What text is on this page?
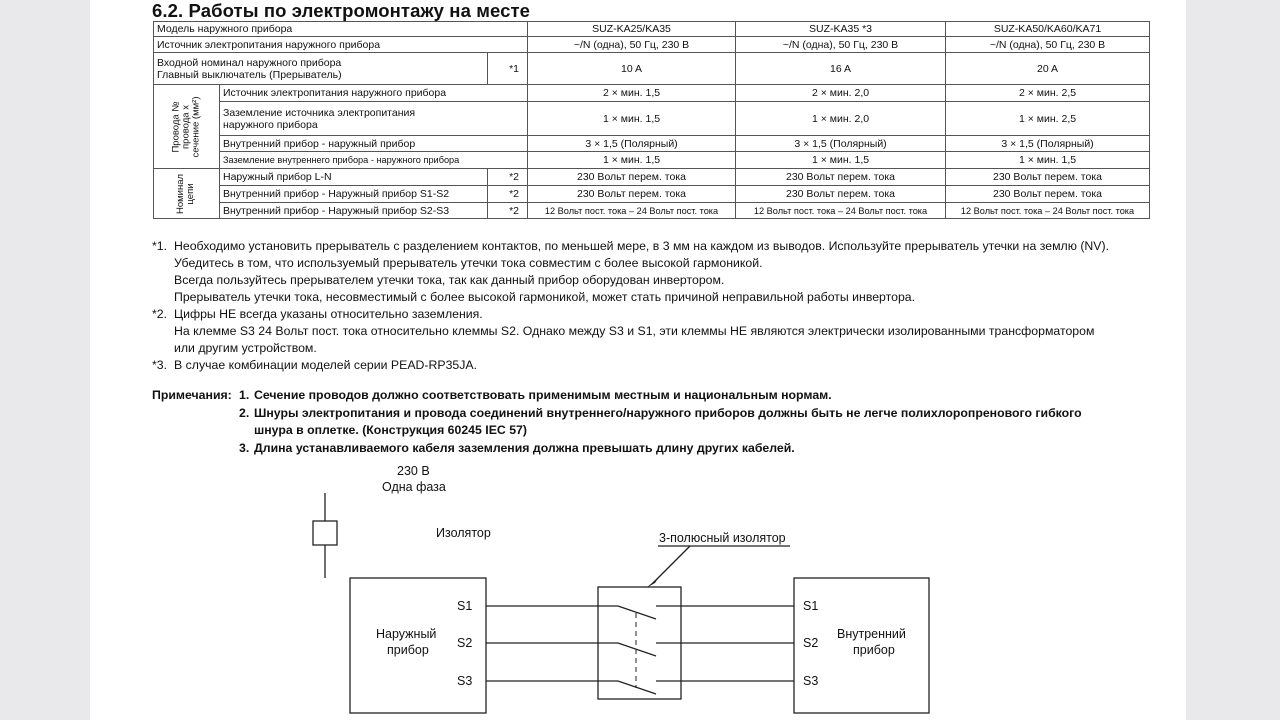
6.2. Работы по электромонтажу на месте
Модель наружного прибора			SUZ-KA25/KA35	SUZ-KA35 *3	SUZ-KA50/KA60/KA71
Источник электропитания наружного прибора			~/N (одна), 50 Гц, 230 В	~/N (одна), 50 Гц, 230 В	~/N (одна), 50 Гц, 230 В

Входной номинал наружного прибора
Главный выключатель (Прерыватель)		*1	10 A	16 A	20 A
Провода №
провода x
сечение (мм²)	Источник электропитания наружного прибора		2 × мин. 1,5	2 × мин. 2,0	2 × мин. 2,5

	Заземление источника электропитания
наружного прибора		1 × мин. 1,5	1 × мин. 2,0	1 × мин. 2,5
	Внутренний прибор - наружный прибор		3 × 1,5 (Полярный)	3 × 1,5 (Полярный)	3 × 1,5 (Полярный)
	Заземление внутреннего прибора - наружного прибора		1 × мин. 1,5	1 × мин. 1,5	1 × мин. 1,5
Номинал
цепи	Наружный прибор L-N	*2	230 Вольт перем. тока	230 Вольт перем. тока	230 Вольт перем. тока
	Внутренний прибор - Наружный прибор S1-S2	*2	230 Вольт перем. тока	230 Вольт перем. тока	230 Вольт перем. тока
	Внутренний прибор - Наружный прибор S2-S3	*2	12 Вольт пост. тока – 24 Вольт пост. тока	12 Вольт пост. тока – 24 Вольт пост. тока	12 Вольт пост. тока – 24 Вольт пост. тока
*1. Необходимо установить прерыватель с разделением контактов, по меньшей мере, в 3 мм на каждом из выводов. Используйте прерыватель утечки на землю (NV).
Убедитесь в том, что используемый прерыватель утечки тока совместим с более высокой гармоникой.
Всегда пользуйтесь прерывателем утечки тока, так как данный прибор оборудован инвертором.
Прерыватель утечки тока, несовместимый с более высокой гармоникой, может стать причиной неправильной работы инвертора.
*2. Цифры НЕ всегда указаны относительно заземления.
На клемме S3 24 Вольт пост. тока относительно клеммы S2. Однако между S3 и S1, эти клеммы НЕ являются электрически изолированными трансформатором
или другим устройством.
*3. В случае комбинации моделей серии PEAD-RP35JA.
Примечания: 1. Сечение проводов должно соответствовать применимым местным и национальным нормам.
2. Шнуры электропитания и провода соединений внутреннего/наружного приборов должны быть не легче полихлоропренового гибкого
шнура в оплетке. (Конструкция 60245 IEC 57)
3. Длина устанавливаемого кабеля заземления должна превышать длину других кабелей.
230 В
Одна фаза
Изолятор	3-полюсный изолятор
Наружный
прибор
S1
S2
S3
Внутренний
прибор
S1
S2
S3
